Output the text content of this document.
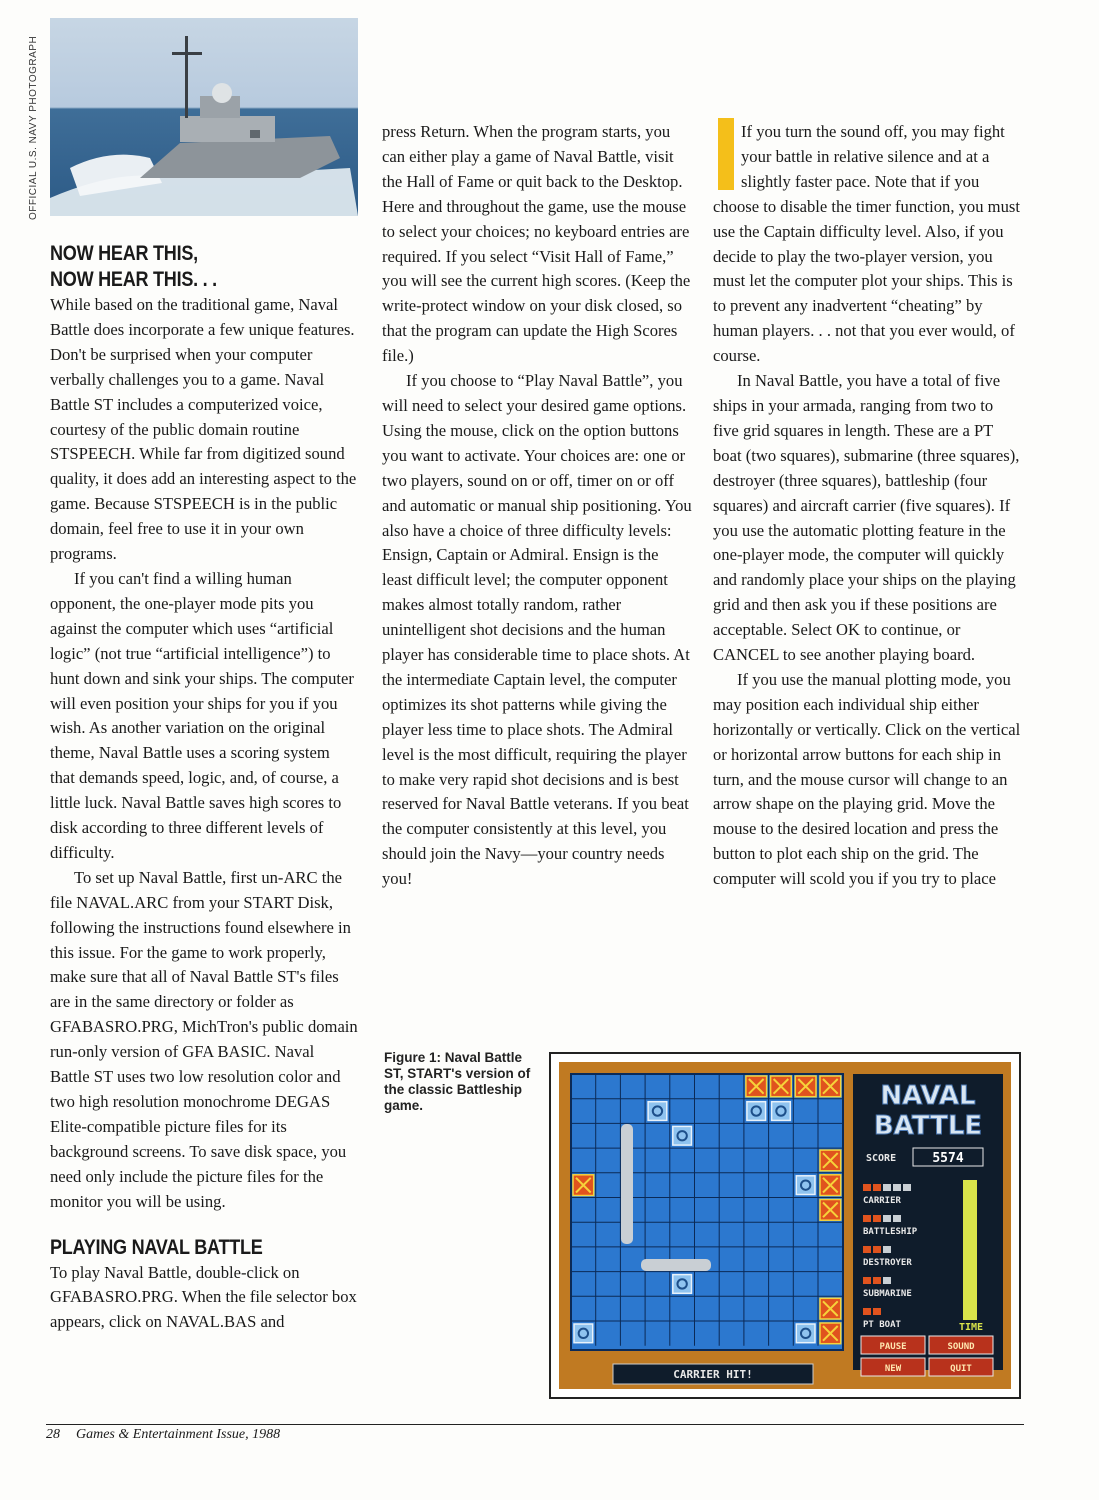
OFFICIAL U.S. NAVY PHOTOGRAPH
NOW HEAR THIS,
NOW HEAR THIS. . .

While based on the traditional game, Naval Battle does incorporate a few unique features. Don't be surprised when your computer verbally challenges you to a game. Naval Battle ST includes a computerized voice, courtesy of the public domain routine STSPEECH. While far from digitized sound quality, it does add an interesting aspect to the game. Because STSPEECH is in the public domain, feel free to use it in your own programs.

If you can't find a willing human opponent, the one-player mode pits you against the computer which uses “artificial logic” (not true “artificial intelligence”) to hunt down and sink your ships. The computer will even position your ships for you if you wish. As another variation on the original theme, Naval Battle uses a scoring system that demands speed, logic, and, of course, a little luck. Naval Battle saves high scores to disk according to three different levels of difficulty.

To set up Naval Battle, first un-ARC the file NAVAL.ARC from your START Disk, following the instructions found elsewhere in this issue. For the game to work properly, make sure that all of Naval Battle ST's files are in the same directory or folder as GFABASRO.PRG, MichTron's public domain run-only version of GFA BASIC. Naval Battle ST uses two low resolution color and two high resolution monochrome DEGAS Elite-compatible picture files for its background screens. To save disk space, you need only include the picture files for the monitor you will be using.

PLAYING NAVAL BATTLE

To play Naval Battle, double-click on GFABASRO.PRG. When the file selector box appears, click on NAVAL.BAS and

press Return. When the program starts, you can either play a game of Naval Battle, visit the Hall of Fame or quit back to the Desktop. Here and throughout the game, use the mouse to select your choices; no keyboard entries are required. If you select “Visit Hall of Fame,” you will see the current high scores. (Keep the write-protect window on your disk closed, so that the program can update the High Scores file.)

If you choose to “Play Naval Battle”, you will need to select your desired game options. Using the mouse, click on the option buttons you want to activate. Your choices are: one or two players, sound on or off, timer on or off and automatic or manual ship positioning. You also have a choice of three difficulty levels: Ensign, Captain or Admiral. Ensign is the least difficult level; the computer opponent makes almost totally random, rather unintelligent shot decisions and the human player has considerable time to place shots. At the intermediate Captain level, the computer optimizes its shot patterns while giving the player less time to place shots. The Admiral level is the most difficult, requiring the player to make very rapid shot decisions and is best reserved for Naval Battle veterans. If you beat the computer consistently at this level, you should join the Navy—your country needs you!

If you turn the sound off, you may fight your battle in relative silence and at a slightly faster pace. Note that if you choose to disable the timer function, you must use the Captain difficulty level. Also, if you decide to play the two-player version, you must let the computer plot your ships. This is to prevent any inadvertent “cheating” by human players. . . not that you ever would, of course.

In Naval Battle, you have a total of five ships in your armada, ranging from two to five grid squares in length. These are a PT boat (two squares), submarine (three squares), destroyer (three squares), battleship (four squares) and aircraft carrier (five squares). If you use the automatic plotting feature in the one-player mode, the computer will quickly and randomly place your ships on the playing grid and then ask you if these positions are acceptable. Select OK to continue, or CANCEL to see another playing board.

If you use the manual plotting mode, you may position each individual ship either horizontally or vertically. Click on the vertical or horizontal arrow buttons for each ship in turn, and the mouse cursor will change to an arrow shape on the playing grid. Move the mouse to the desired location and press the button to plot each ship on the grid. The computer will scold you if you try to place

Figure 1: Naval Battle ST, START's version of the classic Battleship game.
CARRIER HIT!
NAVAL
BATTLE
SCORE	5574
CARRIER
BATTLESHIP
DESTROYER
SUBMARINE
PT BOAT	TIME
PAUSE	SOUND
NEW	QUIT
28 Games & Entertainment Issue, 1988
